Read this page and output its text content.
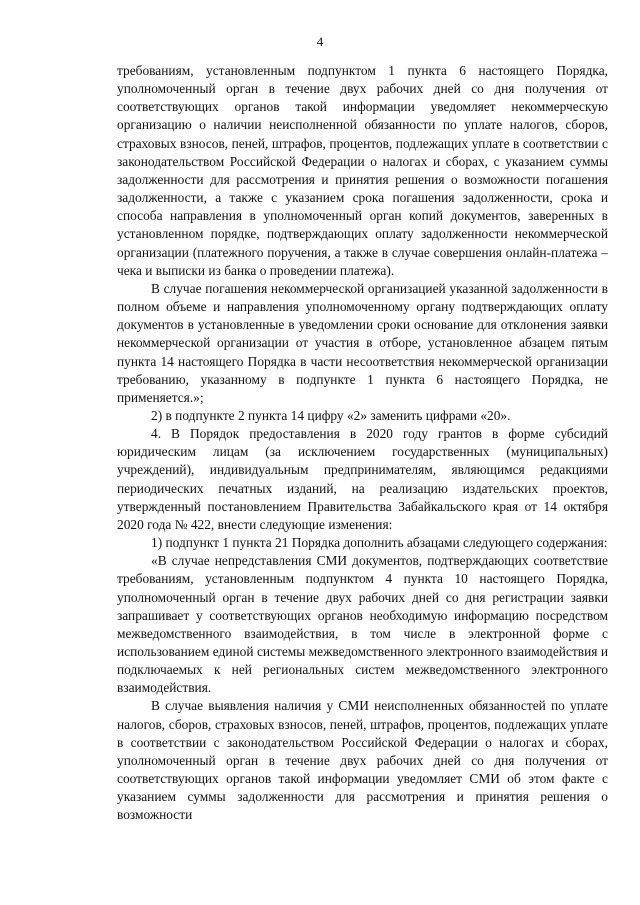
4

требованиям, установленным подпунктом 1 пункта 6 настоящего Порядка, уполномоченный орган в течение двух рабочих дней со дня получения от соответствующих органов такой информации уведомляет некоммерческую организацию о наличии неисполненной обязанности по уплате налогов, сборов, страховых взносов, пеней, штрафов, процентов, подлежащих уплате в соответствии с законодательством Российской Федерации о налогах и сборах, с указанием суммы задолженности для рассмотрения и принятия решения о возможности погашения задолженности, а также с указанием срока погашения задолженности, срока и способа направления в уполномоченный орган копий документов, заверенных в установленном порядке, подтверждающих оплату задолженности некоммерческой организации (платежного поручения, а также в случае совершения онлайн-платежа – чека и выписки из банка о проведении платежа).

В случае погашения некоммерческой организацией указанной задолженности в полном объеме и направления уполномоченному органу подтверждающих оплату документов в установленные в уведомлении сроки основание для отклонения заявки некоммерческой организации от участия в отборе, установленное абзацем пятым пункта 14 настоящего Порядка в части несоответствия некоммерческой организации требованию, указанному в подпункте 1 пункта 6 настоящего Порядка, не применяется.»;

2) в подпункте 2 пункта 14 цифру «2» заменить цифрами «20».

4. В Порядок предоставления в 2020 году грантов в форме субсидий юридическим лицам (за исключением государственных (муниципальных) учреждений), индивидуальным предпринимателям, являющимся редакциями периодических печатных изданий, на реализацию издательских проектов, утвержденный постановлением Правительства Забайкальского края от 14 октября 2020 года № 422, внести следующие изменения:

1) подпункт 1 пункта 21 Порядка дополнить абзацами следующего содержания:

«В случае непредставления СМИ документов, подтверждающих соответствие требованиям, установленным подпунктом 4 пункта 10 настоящего Порядка, уполномоченный орган в течение двух рабочих дней со дня регистрации заявки запрашивает у соответствующих органов необходимую информацию посредством межведомственного взаимодействия, в том числе в электронной форме с использованием единой системы межведомственного электронного взаимодействия и подключаемых к ней региональных систем межведомственного электронного взаимодействия.

В случае выявления наличия у СМИ неисполненных обязанностей по уплате налогов, сборов, страховых взносов, пеней, штрафов, процентов, подлежащих уплате в соответствии с законодательством Российской Федерации о налогах и сборах, уполномоченный орган в течение двух рабочих дней со дня получения от соответствующих органов такой информации уведомляет СМИ об этом факте с указанием суммы задолженности для рассмотрения и принятия решения о возможности
